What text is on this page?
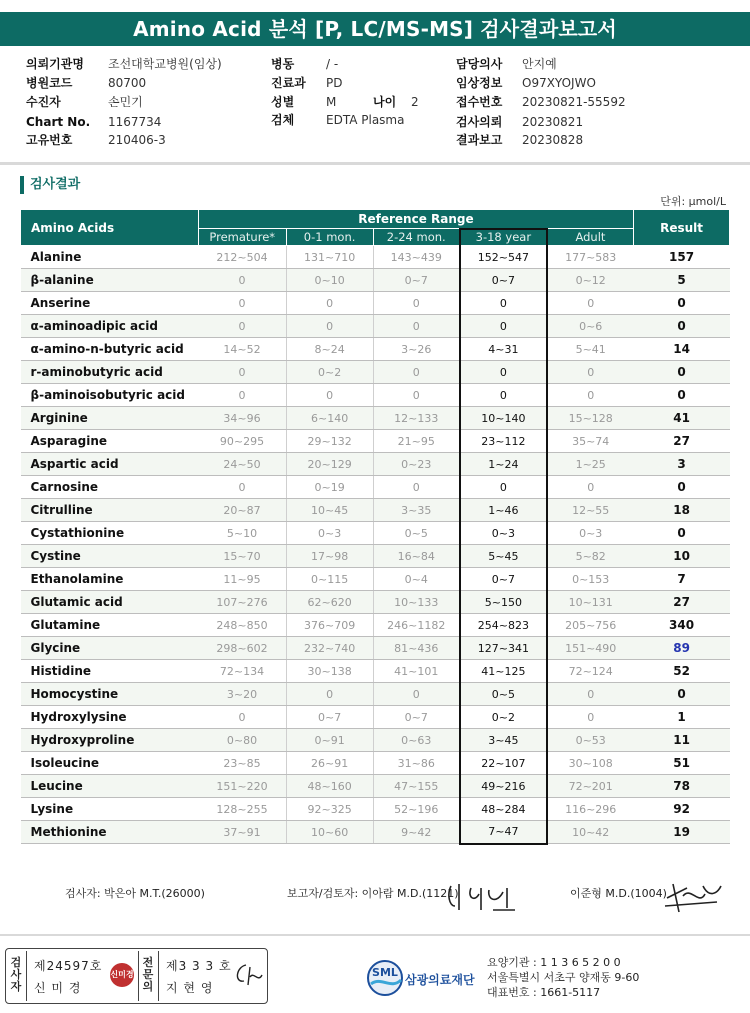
Amino Acid 분석 [P, LC/MS-MS] 검사결과보고서
의뢰기관명 조선대학교병원(임상)
병원코드	80700
수진자	손민기
Chart No. 1167734
고유번호	210406-3
병동	/ -
진료과 PD
성별	M	나이 2
검체	EDTA Plasma
담당의사 안지예
임상정보 O97XYOJWO
접수번호 20230821-55592
검사의뢰 20230821
결과보고 20230828
검사결과
단위: µmol/L
Amino Acids	Reference Range					Result
	Premature*	0-1 mon.	2-24 mon.	3-18 year	Adult	
Alanine	212~504	131~710	143~439	152~547	177~583	157
β-alanine	0	0~10	0~7	0~7	0~12	5
Anserine	0	0	0	0	0	0
α-aminoadipic acid	0	0	0	0	0~6	0
α-amino-n-butyric acid	14~52	8~24	3~26	4~31	5~41	14
r-aminobutyric acid	0	0~2	0	0	0	0
β-aminoisobutyric acid	0	0	0	0	0	0
Arginine	34~96	6~140	12~133	10~140	15~128	41
Asparagine	90~295	29~132	21~95	23~112	35~74	27
Aspartic acid	24~50	20~129	0~23	1~24	1~25	3
Carnosine	0	0~19	0	0	0	0
Citrulline	20~87	10~45	3~35	1~46	12~55	18
Cystathionine	5~10	0~3	0~5	0~3	0~3	0
Cystine	15~70	17~98	16~84	5~45	5~82	10
Ethanolamine	11~95	0~115	0~4	0~7	0~153	7
Glutamic acid	107~276	62~620	10~133	5~150	10~131	27
Glutamine	248~850	376~709	246~1182	254~823	205~756	340
Glycine	298~602	232~740	81~436	127~341	151~490	89
Histidine	72~134	30~138	41~101	41~125	72~124	52
Homocystine	3~20	0	0	0~5	0	0
Hydroxylysine	0	0~7	0~7	0~2	0	1
Hydroxyproline	0~80	0~91	0~63	3~45	0~53	11
Isoleucine	23~85	26~91	31~86	22~107	30~108	51
Leucine	151~220	48~160	47~155	49~216	72~201	78
Lysine	128~255	92~325	52~196	48~284	116~296	92
Methionine	37~91	10~60	9~42	7~47	10~42	19
검사자: 박은아 M.T.(26000)	보고자/검토자: 이아람 M.D.(1121)	이준형 M.D.(1004)
검사자
제24597호
신 미 경
신미경
전문의
제3 3 3 호
지 현 영
SML
삼광의료재단
요양기관 : 1 1 3 6 5 2 0 0
서울특별시 서초구 양재동 9-60
대표번호 : 1661-5117
